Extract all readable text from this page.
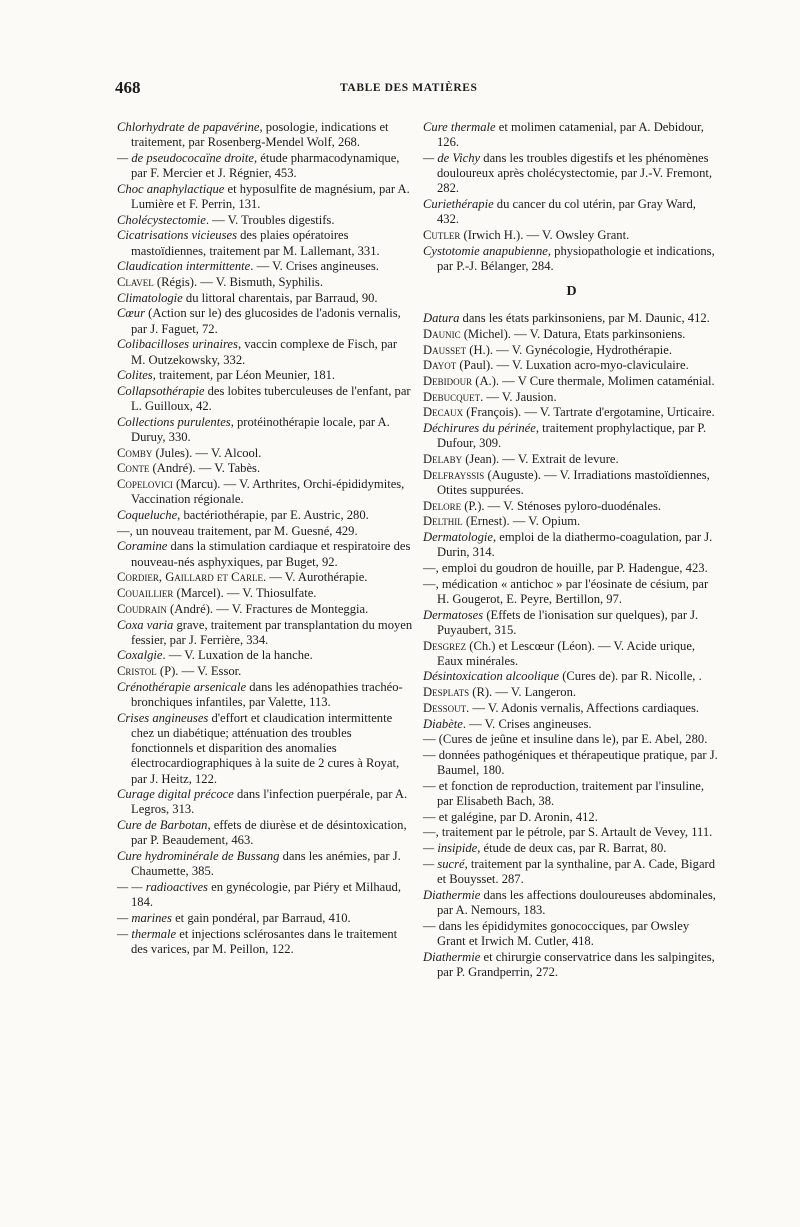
468	TABLE DES MATIÈRES
Chlorhydrate de papavérine, posologie, indications et traitement, par Rosenberg-Mendel Wolf, 268.
— de pseudococaïne droite, étude pharmacodynamique, par F. Mercier et J. Régnier, 453.
Choc anaphylactique et hyposulfite de magnésium, par A. Lumière et F. Perrin, 131.
Cholécystectomie. — V. Troubles digestifs.
Cicatrisations vicieuses des plaies opératoires mastoïdiennes, traitement par M. Lallemant, 331.
Claudication intermittente. — V. Crises angineuses.
Clavel (Régis). — V. Bismuth, Syphilis.
Climatologie du littoral charentais, par Barraud, 90.
Cœur (Action sur le) des glucosides de l'adonis vernalis, par J. Faguet, 72.
Colibacilloses urinaires, vaccin complexe de Fisch, par M. Outzekowsky, 332.
Colites, traitement, par Léon Meunier, 181.
Collapsothérapie des lobites tuberculeuses de l'enfant, par L. Guilloux, 42.
Collections purulentes, protéinothérapie locale, par A. Duruy, 330.
Comby (Jules). — V. Alcool.
Conte (André). — V. Tabès.
Copelovici (Marcu). — V. Arthrites, Orchi-épididymites, Vaccination régionale.
Coqueluche, bactériothérapie, par E. Austric, 280.
—, un nouveau traitement, par M. Guesné, 429.
Coramine dans la stimulation cardiaque et respiratoire des nouveau-nés asphyxiques, par Buget, 92.
Cordier, Gaillard et Carle. — V. Aurothérapie.
Couaillier (Marcel). — V. Thiosulfate.
Coudrain (André). — V. Fractures de Monteggia.
Coxa varia grave, traitement par transplantation du moyen fessier, par J. Ferrière, 334.
Coxalgie. — V. Luxation de la hanche.
Cristol (P). — V. Essor.
Crénothérapie arsenicale dans les adénopathies trachéo-bronchiques infantiles, par Valette, 113.
Crises angineuses d'effort et claudication intermittente chez un diabétique; atténuation des troubles fonctionnels et disparition des anomalies électrocardiographiques à la suite de 2 cures à Royat, par J. Heitz, 122.
Curage digital précoce dans l'infection puerpérale, par A. Legros, 313.
Cure de Barbotan, effets de diurèse et de désintoxication, par P. Beaudement, 463.
Cure hydrominérale de Bussang dans les anémies, par J. Chaumette, 385.
— — radioactives en gynécologie, par Piéry et Milhaud, 184.
— marines et gain pondéral, par Barraud, 410.
— thermale et injections sclérosantes dans le traitement des varices, par M. Peillon, 122.
Cure thermale et molimen catamenial, par A. Debidour, 126.
— de Vichy dans les troubles digestifs et les phénomènes douloureux après cholécystectomie, par J.-V. Fremont, 282.
Curiethérapie du cancer du col utérin, par Gray Ward, 432.
Cutler (Irwich H.). — V. Owsley Grant.
Cystotomie anapubienne, physiopathologie et indications, par P.-J. Bélanger, 284.
D
Datura dans les états parkinsoniens, par M. Daunic, 412.
Daunic (Michel). — V. Datura, Etats parkinsoniens.
Dausset (H.). — V. Gynécologie, Hydrothérapie.
Dayot (Paul). — V. Luxation acro-myo-claviculaire.
Debidour (A.). — V Cure thermale, Molimen cataménial.
Debucquet. — V. Jausion.
Decaux (François). — V. Tartrate d'ergotamine, Urticaire.
Déchirures du périnée, traitement prophylactique, par P. Dufour, 309.
Delaby (Jean). — V. Extrait de levure.
Delfrayssis (Auguste). — V. Irradiations mastoïdiennes, Otites suppurées.
Delore (P.). — V. Sténoses pyloro-duodénales.
Delthil (Ernest). — V. Opium.
Dermatologie, emploi de la diathermo-coagulation, par J. Durin, 314.
—, emploi du goudron de houille, par P. Hadengue, 423.
—, médication « antichoc » par l'éosinate de césium, par H. Gougerot, E. Peyre, Bertillon, 97.
Dermatoses (Effets de l'ionisation sur quelques), par J. Puyaubert, 315.
Desgrez (Ch.) et Lescœur (Léon). — V. Acide urique, Eaux minérales.
Désintoxication alcoolique (Cures de). par R. Nicolle, .
Desplats (R). — V. Langeron.
Dessout. — V. Adonis vernalis, Affections cardiaques.
Diabète. — V. Crises angineuses.
— (Cures de jeûne et insuline dans le), par E. Abel, 280.
— données pathogéniques et thérapeutique pratique, par J. Baumel, 180.
— et fonction de reproduction, traitement par l'insuline, par Elisabeth Bach, 38.
— et galégine, par D. Aronin, 412.
—, traitement par le pétrole, par S. Artault de Vevey, 111.
— insipide, étude de deux cas, par R. Barrat, 80.
— sucré, traitement par la synthaline, par A. Cade, Bigard et Bouysset. 287.
Diathermie dans les affections douloureuses abdominales, par A. Nemours, 183.
— dans les épididymites gonococciques, par Owsley Grant et Irwich M. Cutler, 418.
Diathermie et chirurgie conservatrice dans les salpingites, par P. Grandperrin, 272.
